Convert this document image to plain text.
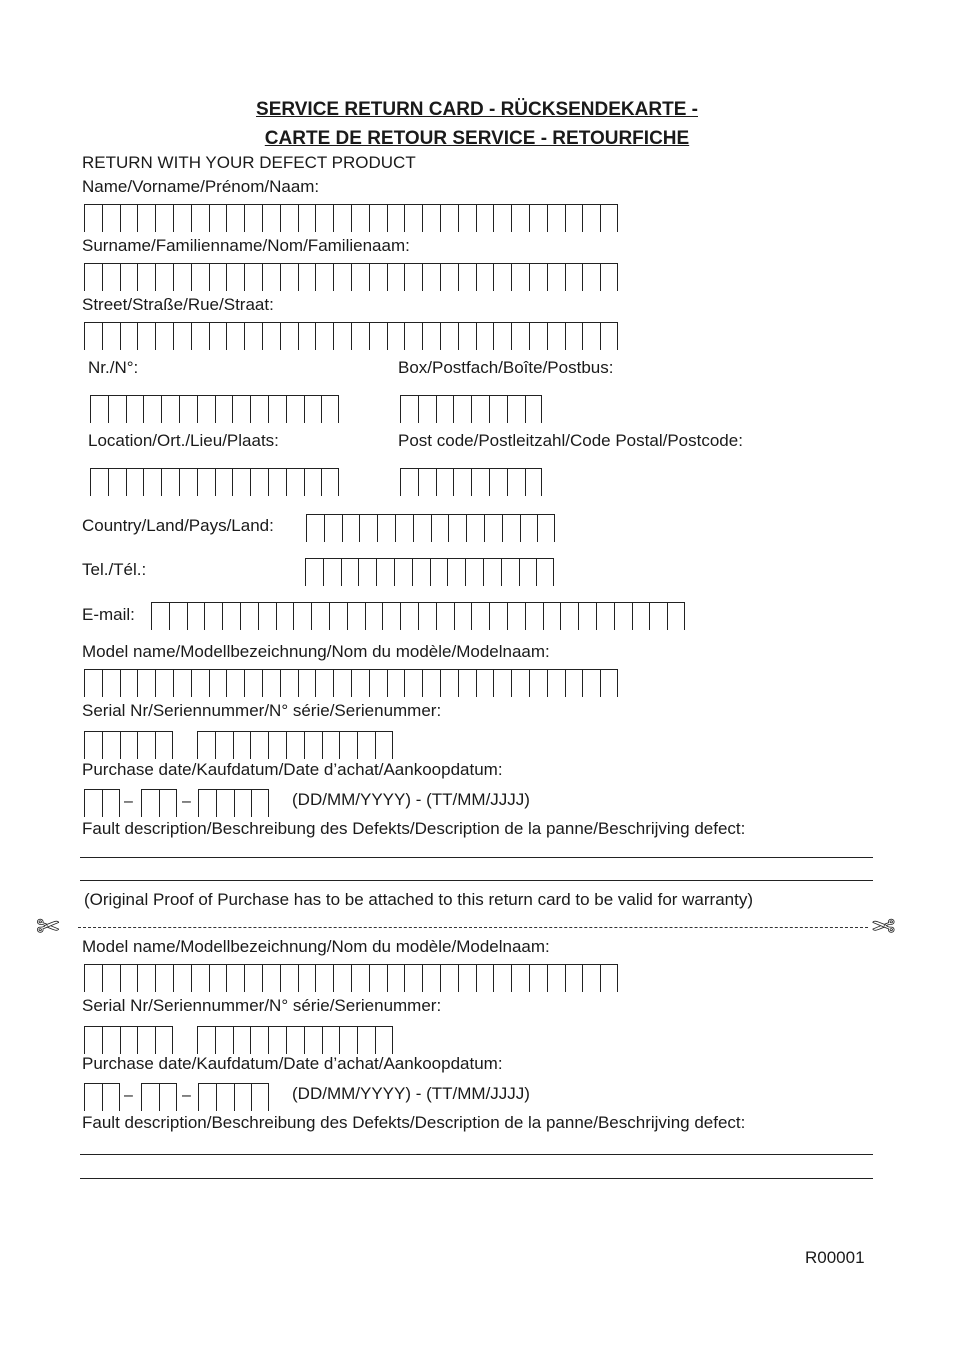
SERVICE RETURN CARD - RÜCKSENDEKARTE -
CARTE DE RETOUR SERVICE - RETOURFICHE
RETURN WITH YOUR DEFECT PRODUCT
Name/Vorname/Prénom/Naam:
Surname/Familienname/Nom/Familienaam:
Street/Straße/Rue/Straat:
Nr./N°:	Box/Postfach/Boîte/Postbus:
Location/Ort./Lieu/Plaats:	Post code/Postleitzahl/Code Postal/Postcode:
Country/Land/Pays/Land:
Tel./Tél.:
E-mail:
Model name/Modellbezeichnung/Nom du modèle/Modelnaam:
Serial Nr/Seriennummer/N° série/Serienummer:
Purchase date/Kaufdatum/Date d’achat/Aankoopdatum:
–	–	(DD/MM/YYYY) - (TT/MM/JJJJ)
Fault description/Beschreibung des Defekts/Description de la panne/Beschrijving defect:
(Original Proof of Purchase has to be attached to this return card to be valid for warranty)
✄	✄
Model name/Modellbezeichnung/Nom du modèle/Modelnaam:
Serial Nr/Seriennummer/N° série/Serienummer:
Purchase date/Kaufdatum/Date d’achat/Aankoopdatum:
–	–	(DD/MM/YYYY) - (TT/MM/JJJJ)
Fault description/Beschreibung des Defekts/Description de la panne/Beschrijving defect:
R00001
